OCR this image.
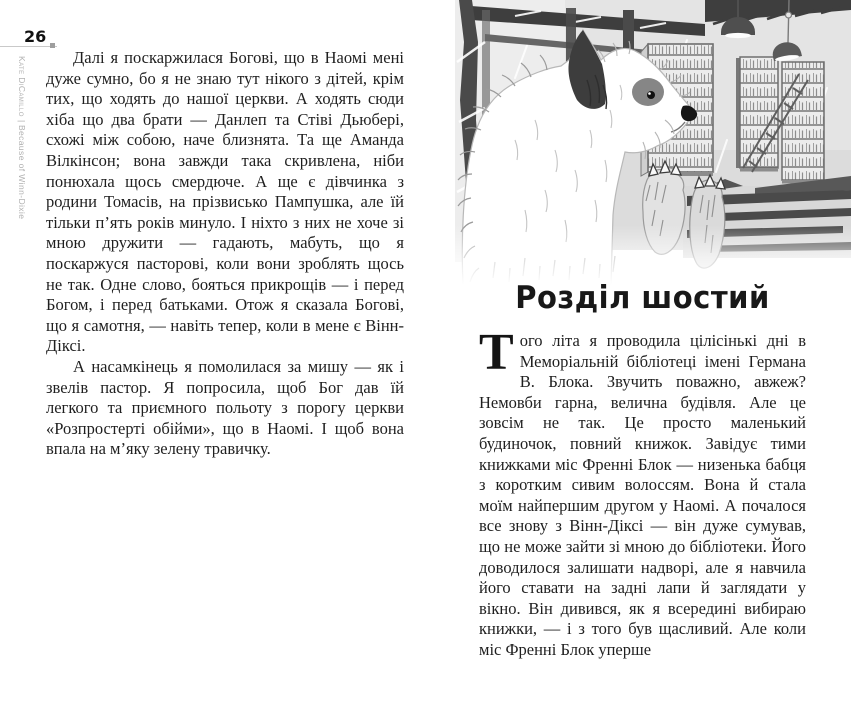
26
Kate DiCamillo | Because of Winn-Dixie

Далі я поскаржилася Богові, що в Наомі мені дуже сумно, бо я не знаю тут нікого з дітей, крім тих, що ходять до нашої церкви. А ходять сюди хіба що два брати — Данлеп та Стіві Дьюбері, схожі між собою, наче близнята. Та ще Аманда Вілкінсон; вона завжди така скривлена, ніби понюхала щось смердюче. А ще є дівчинка з родини Томасів, на прізвисько Пампушка, але їй тільки п’ять років минуло. І ніхто з них не хоче зі мною дружити — гадають, мабуть, що я поскаржуся пасторові, коли вони зроблять щось не так. Одне слово, бояться прикрощів — і перед Богом, і перед батьками. Отож я сказала Богові, що я самотня, — навіть тепер, коли в мене є Вінн-Діксі.

А насамкінець я помолилася за мишу — як і звелів пастор. Я попросила, щоб Бог дав їй легкого та приємного польоту з порогу церкви «Розпростерті обійми», що в Наомі. І щоб вона впала на м’яку зелену травичку.

Розділ шостий

Того літа я проводила цілісінькі дні в Меморіальній бібліотеці імені Германа В. Блока. Звучить поважно, авжеж? Немовби гарна, велична будівля. Але це зовсім не так. Це просто маленький будиночок, повний книжок. Завідує тими книжками міс Френні Блок — низенька бабця з коротким сивим волоссям. Вона й стала моїм найпершим другом у Наомі. А почалося все знову з Вінн-Діксі — він дуже сумував, що не може зайти зі мною до бібліотеки. Його доводилося залишати надворі, але я навчила його ставати на задні лапи й заглядати у вікно. Він дивився, як я всередині вибираю книжки, — і з того був щасливий. Але коли міс Френні Блок уперше
